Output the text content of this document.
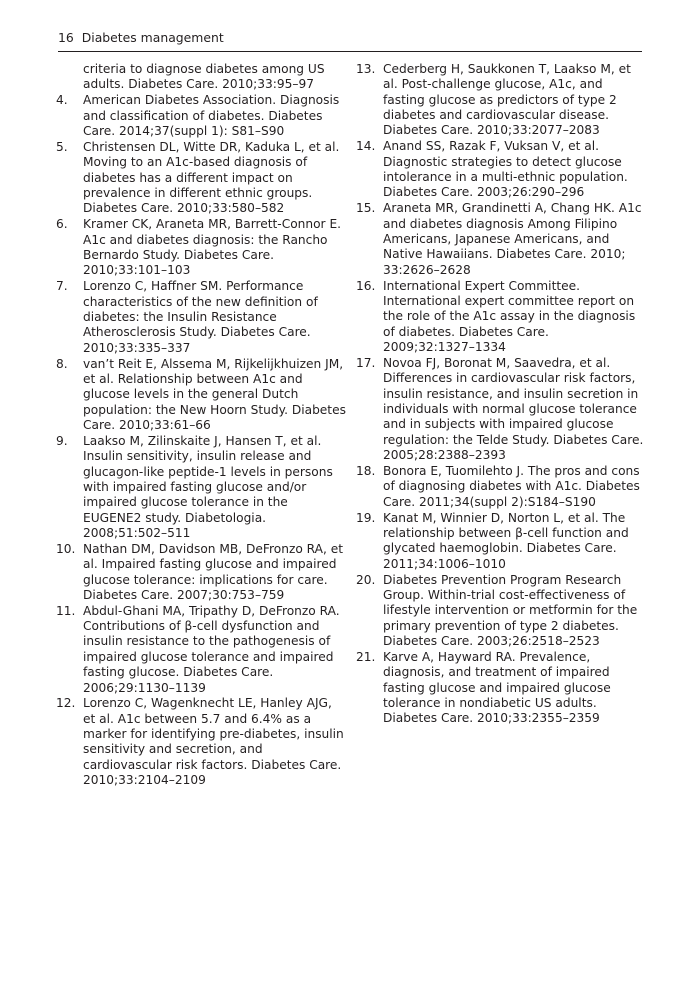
16 Diabetes management
criteria to diagnose diabetes among US adults. Diabetes Care. 2010;33:95–97
4. American Diabetes Association. Diagnosis and classification of diabetes. Diabetes Care. 2014;37(suppl 1): S81–S90
5. Christensen DL, Witte DR, Kaduka L, et al. Moving to an A1c-based diagnosis of diabetes has a different impact on prevalence in different ethnic groups. Diabetes Care. 2010;33:580–582
6. Kramer CK, Araneta MR, Barrett-Connor E. A1c and diabetes diagnosis: the Rancho Bernardo Study. Diabetes Care. 2010;33:101–103
7. Lorenzo C, Haffner SM. Performance characteristics of the new definition of diabetes: the Insulin Resistance Atherosclerosis Study. Diabetes Care. 2010;33:335–337
8. van’t Reit E, Alssema M, Rijkelijkhuizen JM, et al. Relationship between A1c and glucose levels in the general Dutch population: the New Hoorn Study. Diabetes Care. 2010;33:61–66
9. Laakso M, Zilinskaite J, Hansen T, et al. Insulin sensitivity, insulin release and glucagon-like peptide-1 levels in persons with impaired fasting glucose and/or impaired glucose tolerance in the EUGENE2 study. Diabetologia. 2008;51:502–511
10. Nathan DM, Davidson MB, DeFronzo RA, et al. Impaired fasting glucose and impaired glucose tolerance: implications for care. Diabetes Care. 2007;30:753–759
11. Abdul-Ghani MA, Tripathy D, DeFronzo RA. Contributions of β-cell dysfunction and insulin resistance to the pathogenesis of impaired glucose tolerance and impaired fasting glucose. Diabetes Care. 2006;29:1130–1139
12. Lorenzo C, Wagenknecht LE, Hanley AJG, et al. A1c between 5.7 and 6.4% as a marker for identifying pre-diabetes, insulin sensitivity and secretion, and cardiovascular risk factors. Diabetes Care. 2010;33:2104–2109
13. Cederberg H, Saukkonen T, Laakso M, et al. Post-challenge glucose, A1c, and fasting glucose as predictors of type 2 diabetes and cardiovascular disease. Diabetes Care. 2010;33:2077–2083
14. Anand SS, Razak F, Vuksan V, et al. Diagnostic strategies to detect glucose intolerance in a multi-ethnic population. Diabetes Care. 2003;26:290–296
15. Araneta MR, Grandinetti A, Chang HK. A1c and diabetes diagnosis Among Filipino Americans, Japanese Americans, and Native Hawaiians. Diabetes Care. 2010; 33:2626–2628
16. International Expert Committee. International expert committee report on the role of the A1c assay in the diagnosis of diabetes. Diabetes Care. 2009;32:1327–1334
17. Novoa FJ, Boronat M, Saavedra, et al. Differences in cardiovascular risk factors, insulin resistance, and insulin secretion in individuals with normal glucose tolerance and in subjects with impaired glucose regulation: the Telde Study. Diabetes Care. 2005;28:2388–2393
18. Bonora E, Tuomilehto J. The pros and cons of diagnosing diabetes with A1c. Diabetes Care. 2011;34(suppl 2):S184–S190
19. Kanat M, Winnier D, Norton L, et al. The relationship between β-cell function and glycated haemoglobin. Diabetes Care. 2011;34:1006–1010
20. Diabetes Prevention Program Research Group. Within-trial cost-effectiveness of lifestyle intervention or metformin for the primary prevention of type 2 diabetes. Diabetes Care. 2003;26:2518–2523
21. Karve A, Hayward RA. Prevalence, diagnosis, and treatment of impaired fasting glucose and impaired glucose tolerance in nondiabetic US adults. Diabetes Care. 2010;33:2355–2359
